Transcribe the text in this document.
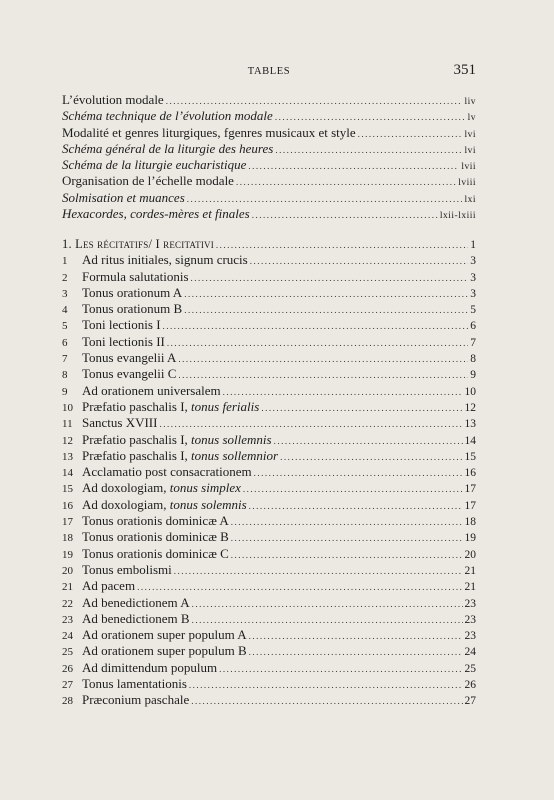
TABLES	351
L’évolution modale .....	liv
Schéma technique de l’évolution modale .....	lv
Modalité et genres liturgiques, fgenres musicaux et style .....	lvi
Schéma général de la liturgie des heures .....	lvi
Schéma de la liturgie eucharistique .....	lvii
Organisation de l’échelle modale .....	lviii
Solmisation et muances .....	lxi
Hexacordes, cordes-mères et finales .....	lxii-lxiii
1. Les récitatifs/ I recitativi .....	1
1	Ad ritus initiales, signum crucis .....	3
2	Formula salutationis .....	3
3	Tonus orationum A .....	3
4	Tonus orationum B .....	5
5	Toni lectionis I .....	6
6	Toni lectionis II .....	7
7	Tonus evangelii A .....	8
8	Tonus evangelii C .....	9
9	Ad orationem universalem .....	10
10 Præfatio paschalis I, tonus ferialis .....	12
11 Sanctus XVIII .....	13
12 Præfatio paschalis I, tonus sollemnis .....	14
13 Præfatio paschalis I, tonus sollemnior .....	15
14 Acclamatio post consacrationem .....	16
15 Ad doxologiam, tonus simplex .....	17
16 Ad doxologiam, tonus solemnis .....	17
17 Tonus orationis dominicæ A .....	18
18 Tonus orationis dominicæ B .....	19
19 Tonus orationis dominicæ C .....	20
20 Tonus embolismi .....	21
21 Ad pacem .....	21
22 Ad benedictionem A .....	23
23 Ad benedictionem B .....	23
24 Ad orationem super populum A .....	23
25 Ad orationem super populum B .....	24
26 Ad dimittendum populum .....	25
27 Tonus lamentationis .....	26
28 Præconium paschale .....	27
